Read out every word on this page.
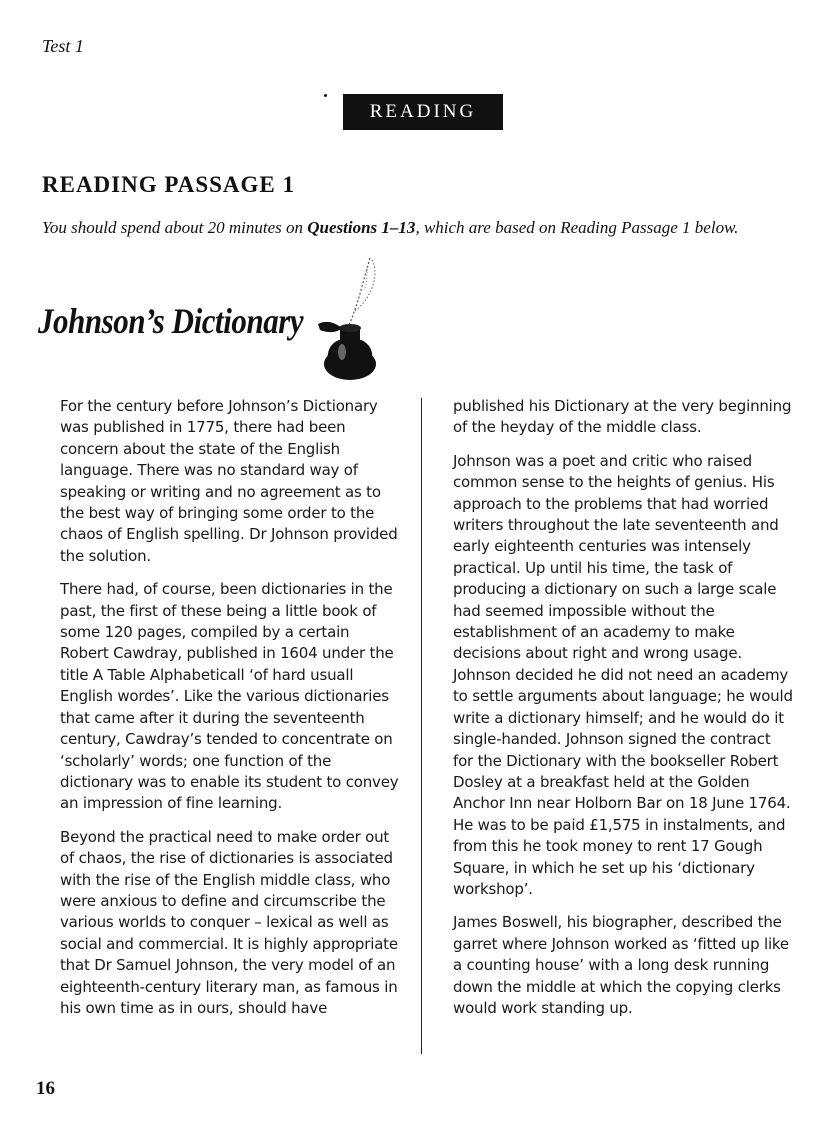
Test 1
READING
READING PASSAGE 1
You should spend about 20 minutes on Questions 1–13, which are based on Reading Passage 1 below.
Johnson’s Dictionary

For the century before Johnson’s Dictionary was published in 1775, there had been concern about the state of the English language. There was no standard way of speaking or writing and no agreement as to the best way of bringing some order to the chaos of English spelling. Dr Johnson provided the solution.

There had, of course, been dictionaries in the past, the first of these being a little book of some 120 pages, compiled by a certain Robert Cawdray, published in 1604 under the title A Table Alphabeticall ‘of hard usuall English wordes’. Like the various dictionaries that came after it during the seventeenth century, Cawdray’s tended to concentrate on ‘scholarly’ words; one function of the dictionary was to enable its student to convey an impression of fine learning.

Beyond the practical need to make order out of chaos, the rise of dictionaries is associated with the rise of the English middle class, who were anxious to define and circumscribe the various worlds to conquer – lexical as well as social and commercial. It is highly appropriate that Dr Samuel Johnson, the very model of an eighteenth-century literary man, as famous in his own time as in ours, should have

published his Dictionary at the very beginning of the heyday of the middle class.

Johnson was a poet and critic who raised common sense to the heights of genius. His approach to the problems that had worried writers throughout the late seventeenth and early eighteenth centuries was intensely practical. Up until his time, the task of producing a dictionary on such a large scale had seemed impossible without the establishment of an academy to make decisions about right and wrong usage. Johnson decided he did not need an academy to settle arguments about language; he would write a dictionary himself; and he would do it single-handed. Johnson signed the contract for the Dictionary with the bookseller Robert Dosley at a breakfast held at the Golden Anchor Inn near Holborn Bar on 18 June 1764. He was to be paid £1,575 in instalments, and from this he took money to rent 17 Gough Square, in which he set up his ‘dictionary workshop’.

James Boswell, his biographer, described the garret where Johnson worked as ‘fitted up like a counting house’ with a long desk running down the middle at which the copying clerks would work standing up.

16
